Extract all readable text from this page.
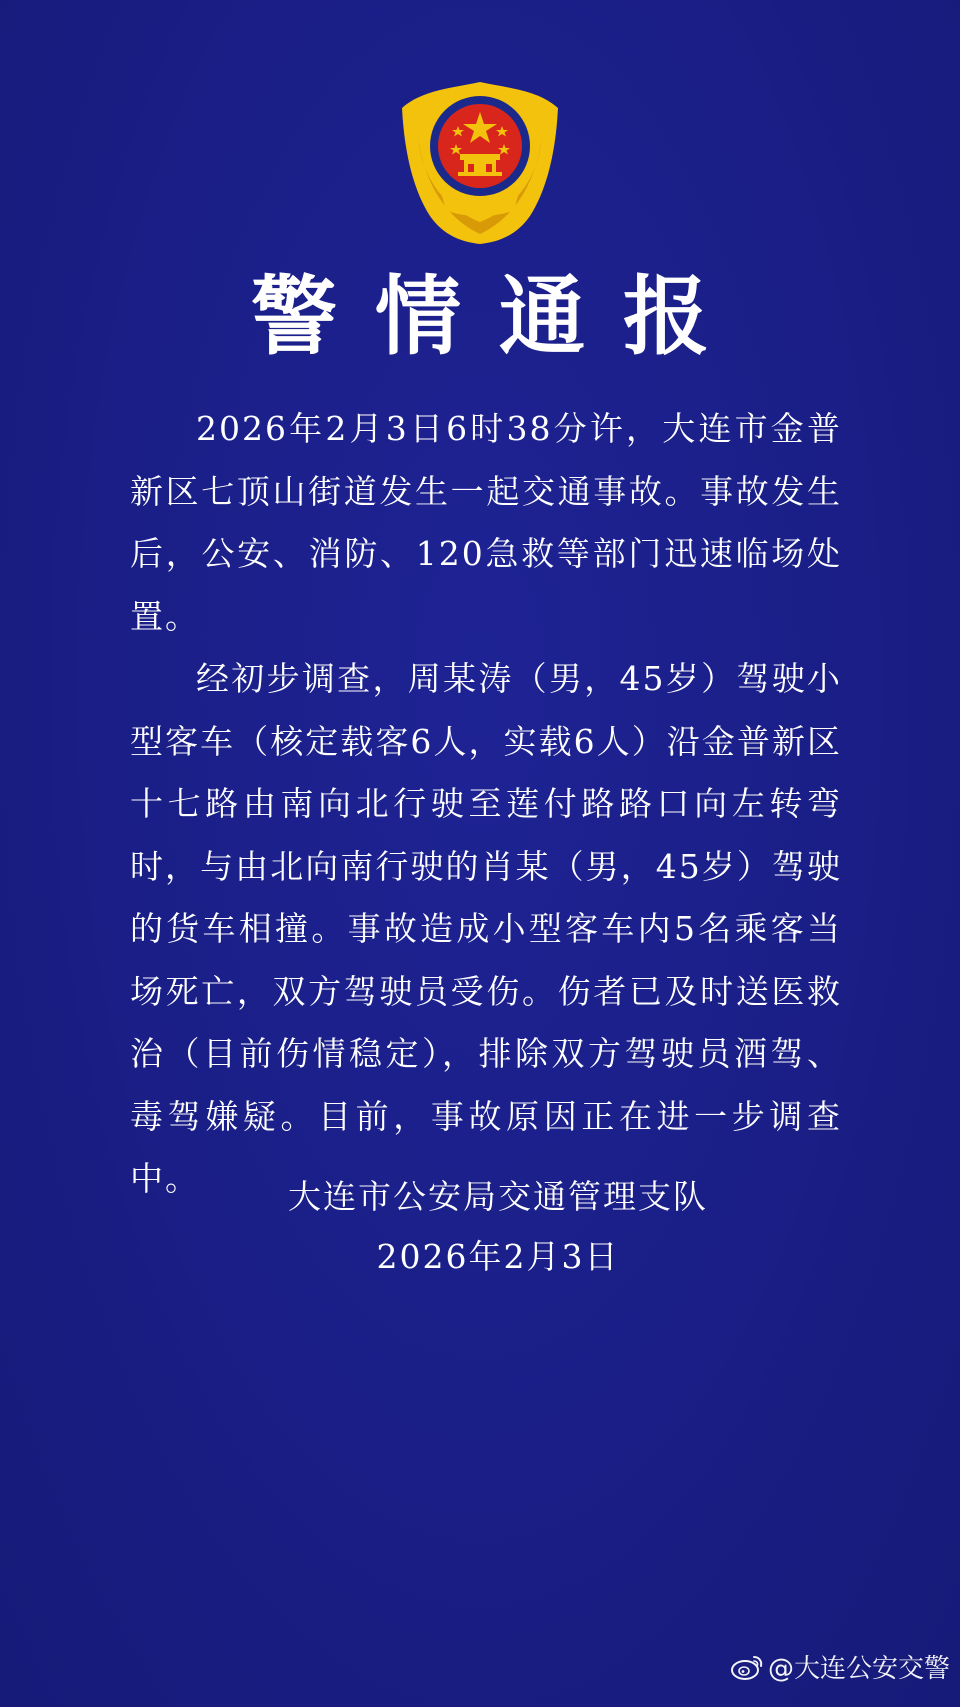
警情通报

2026年2月3日6时38分许，大连市金普新区七顶山街道发生一起交通事故。事故发生后，公安、消防、120急救等部门迅速临场处置。

经初步调查，周某涛（男，45岁）驾驶小型客车（核定载客6人，实载6人）沿金普新区十七路由南向北行驶至莲付路路口向左转弯时，与由北向南行驶的肖某（男，45岁）驾驶的货车相撞。事故造成小型客车内5名乘客当场死亡，双方驾驶员受伤。伤者已及时送医救治（目前伤情稳定），排除双方驾驶员酒驾、毒驾嫌疑。目前，事故原因正在进一步调查中。	大连市公安局交通管理支队
2026年2月3日
@大连公安交警
